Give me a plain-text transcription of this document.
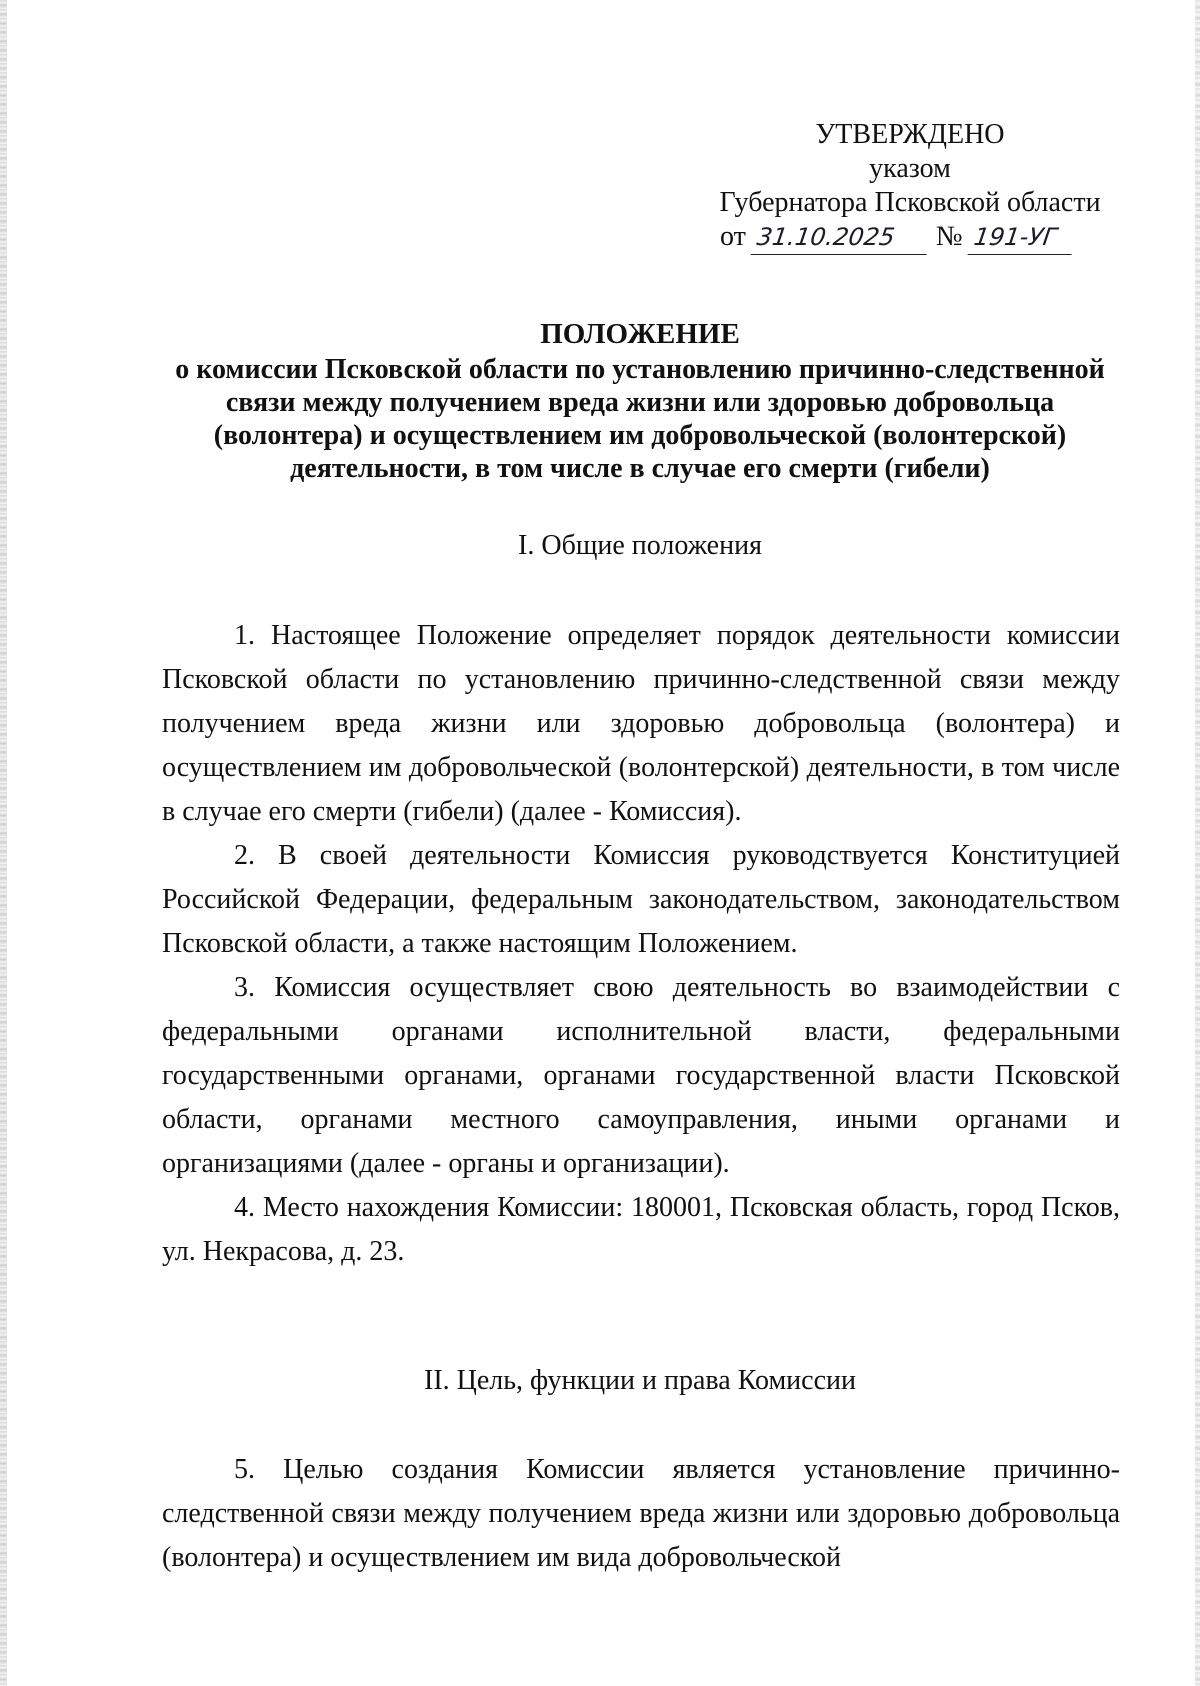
УТВЕРЖДЕНО
указом
Губернатора Псковской области
от 31.10.2025 № 191-УГ
ПОЛОЖЕНИЕ
о комиссии Псковской области по установлению причинно-следственной
связи между получением вреда жизни или здоровью добровольца
(волонтера) и осуществлением им добровольческой (волонтерской)
деятельности, в том числе в случае его смерти (гибели)
I. Общие положения

1. Настоящее Положение определяет порядок деятельности комиссии Псковской области по установлению причинно-следственной связи между получением вреда жизни или здоровью добровольца (волонтера) и осуществлением им добровольческой (волонтерской) деятельности, в том числе в случае его смерти (гибели) (далее - Комиссия).

2. В своей деятельности Комиссия руководствуется Конституцией Российской Федерации, федеральным законодательством, законодательством Псковской области, а также настоящим Положением.

3. Комиссия осуществляет свою деятельность во взаимодействии с федеральными органами исполнительной власти, федеральными государственными органами, органами государственной власти Псковской области, органами местного самоуправления, иными органами и организациями (далее - органы и организации).

4. Место нахождения Комиссии: 180001, Псковская область, город Псков, ул. Некрасова, д. 23.

II. Цель, функции и права Комиссии

5. Целью создания Комиссии является установление причинно-следственной связи между получением вреда жизни или здоровью добровольца (волонтера) и осуществлением им вида добровольческой
